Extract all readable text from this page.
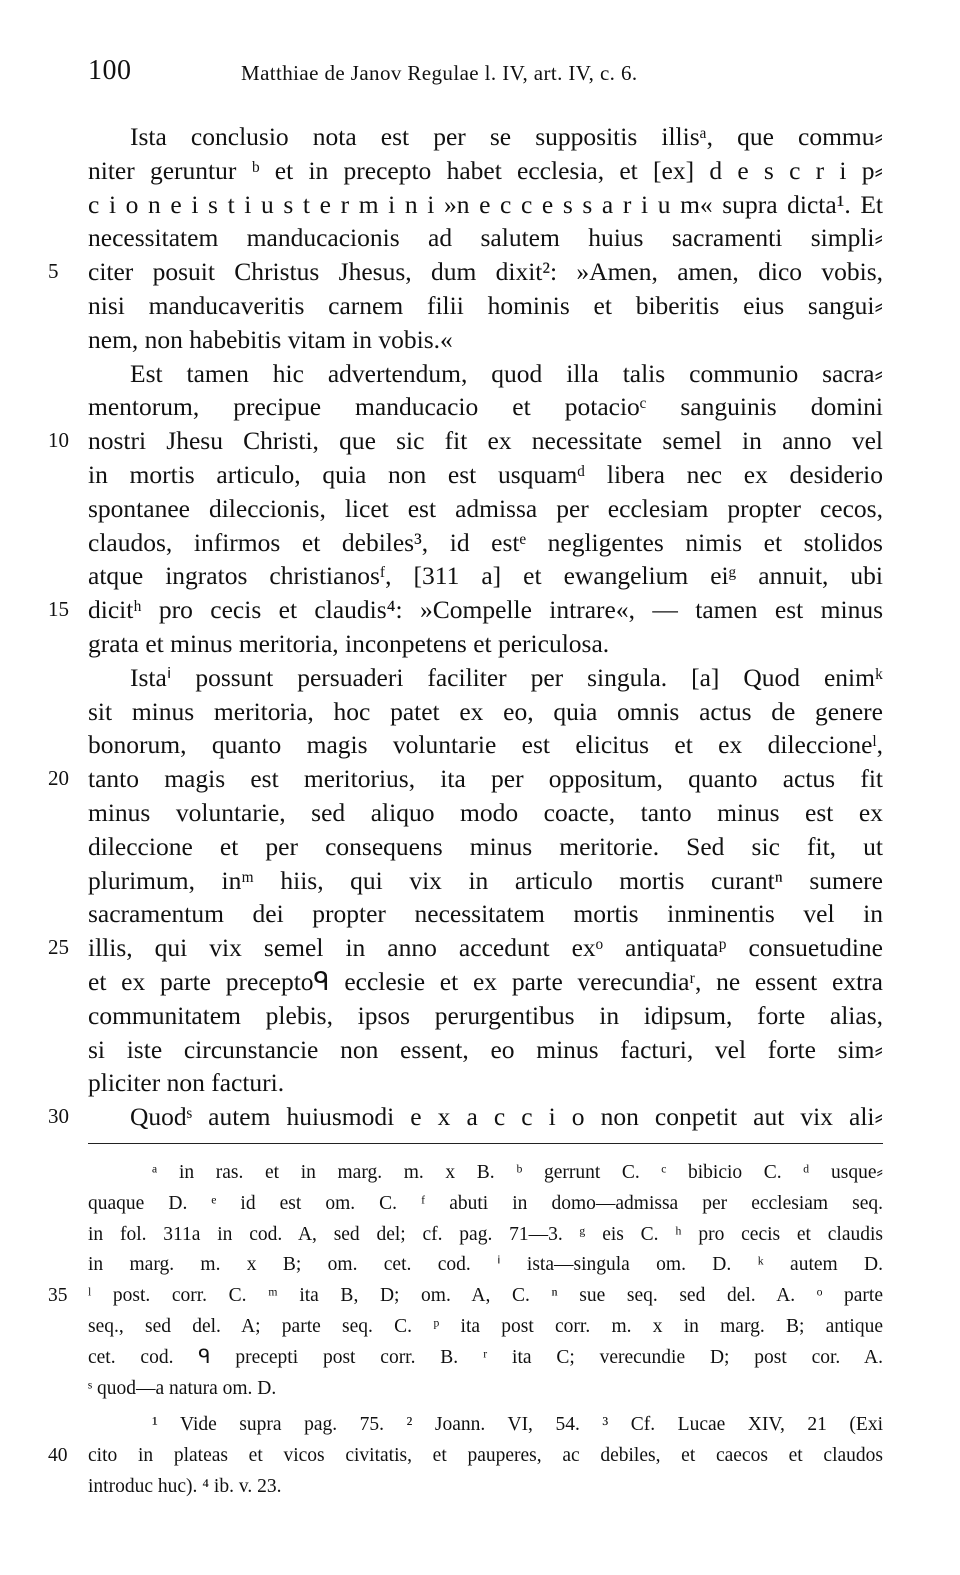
100	Matthiae de Janov Regulae l. IV, art. IV, c. 6.
Ista conclusio nota est per se suppositis illisᵃ, que commu⸗
niter geruntur ᵇ et in precepto habet ecclesia, et [ex] d e s c r i p⸗
c i o n e i s t i u s t e r m i n i »n e c c e s s a r i u m« supra dicta¹. Et
necessitatem manducacionis ad salutem huius sacramenti simpli⸗
citer posuit Christus Jhesus, dum dixit²: »Amen, amen, dico vobis,
5
nisi manducaveritis carnem filii hominis et biberitis eius sangui⸗
nem, non habebitis vitam in vobis.«
Est tamen hic advertendum, quod illa talis communio sacra⸗
mentorum, precipue manducacio et potacioᶜ sanguinis domini
nostri Jhesu Christi, que sic fit ex necessitate semel in anno vel
10
in mortis articulo, quia non est usquamᵈ libera nec ex desiderio
spontanee dileccionis, licet est admissa per ecclesiam propter cecos,
claudos, infirmos et debiles³, id estᵉ negligentes nimis et stolidos
atque ingratos christianosᶠ, [311 a] et ewangelium eiᵍ annuit, ubi
dicitʰ pro cecis et claudis⁴: »Compelle intrare«, — tamen est minus
15
grata et minus meritoria, inconpetens et periculosa.
Istaⁱ possunt persuaderi faciliter per singula. [a] Quod enimᵏ
sit minus meritoria, hoc patet ex eo, quia omnis actus de genere
bonorum, quanto magis voluntarie est elicitus et ex dileccioneˡ,
tanto magis est meritorius, ita per oppositum, quanto actus fit
20
minus voluntarie, sed aliquo modo coacte, tanto minus est ex
dileccione et per consequens minus meritorie. Sed sic fit, ut
plurimum, inᵐ hiis, qui vix in articulo mortis curantⁿ sumere
sacramentum dei propter necessitatem mortis inminentis vel in
illis, qui vix semel in anno accedunt exᵒ antiquataᵖ consuetudine
25
et ex parte preceptoᑫ ecclesie et ex parte verecundiaʳ, ne essent extra
communitatem plebis, ipsos perurgentibus in idipsum, forte alias,
si iste circunstancie non essent, eo minus facturi, vel forte sim⸗
pliciter non facturi.
Quodˢ autem huiusmodi e x a c c i o non conpetit aut vix ali⸗
30
ᵃ in ras. et in marg. m. x B. ᵇ gerrunt C. ᶜ bibicio C. ᵈ usque⸗
quaque D. ᵉ id est om. C. ᶠ abuti in domo—admissa per ecclesiam seq.
in fol. 311a in cod. A, sed del; cf. pag. 71—3. ᵍ eis C. ʰ pro cecis et claudis
in marg. m. x B; om. cet. cod. ⁱ ista—singula om. D. ᵏ autem D.
ˡ post. corr. C. ᵐ ita B, D; om. A, C. ⁿ sue seq. sed del. A. ᵒ parte
35
seq., sed del. A; parte seq. C. ᵖ ita post corr. m. x in marg. B; antique
cet. cod. ᑫ precepti post corr. B. ʳ ita C; verecundie D; post cor. A.
ˢ quod—a natura om. D.
¹ Vide supra pag. 75. ² Joann. VI, 54. ³ Cf. Lucae XIV, 21 (Exi
cito in plateas et vicos civitatis, et pauperes, ac debiles, et caecos et claudos
40
introduc huc). ⁴ ib. v. 23.
